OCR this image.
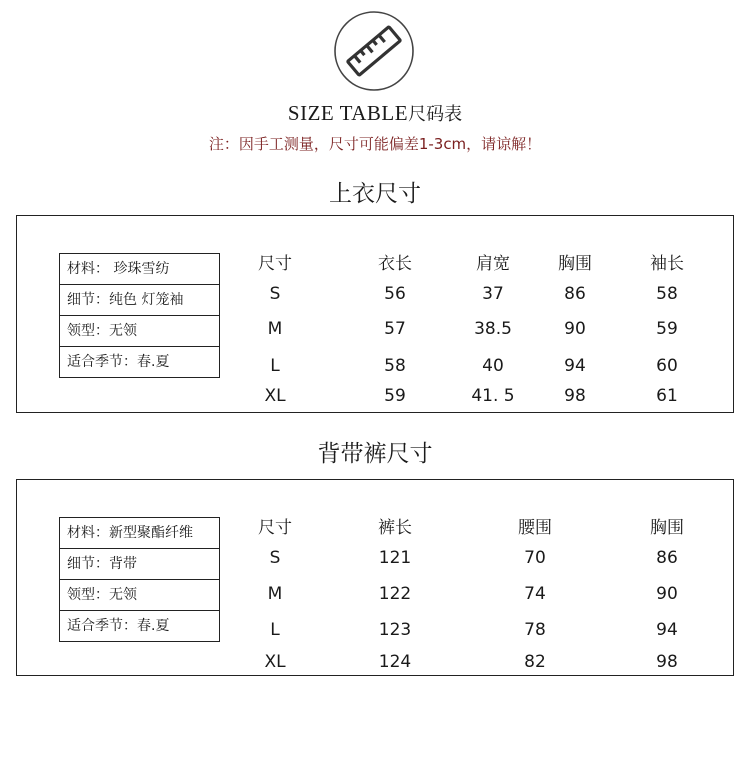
SIZE TABLE尺码表
注：因手工测量，尺寸可能偏差1-3cm，请谅解！
上衣尺寸
材料： 珍珠雪纺
细节：纯色 灯笼袖
领型：无领
适合季节：春.夏
尺寸	衣长	肩宽	胸围	袖长
S	56	37	86	58
M	57	38.5	90	59
L	58	40	94	60
XL	59	41. 5	98	61
背带裤尺寸
材料：新型聚酯纤维
细节：背带
领型：无领
适合季节：春.夏
尺寸	裤长	腰围	胸围
S	121	70	86
M	122	74	90
L	123	78	94
XL	124	82	98
